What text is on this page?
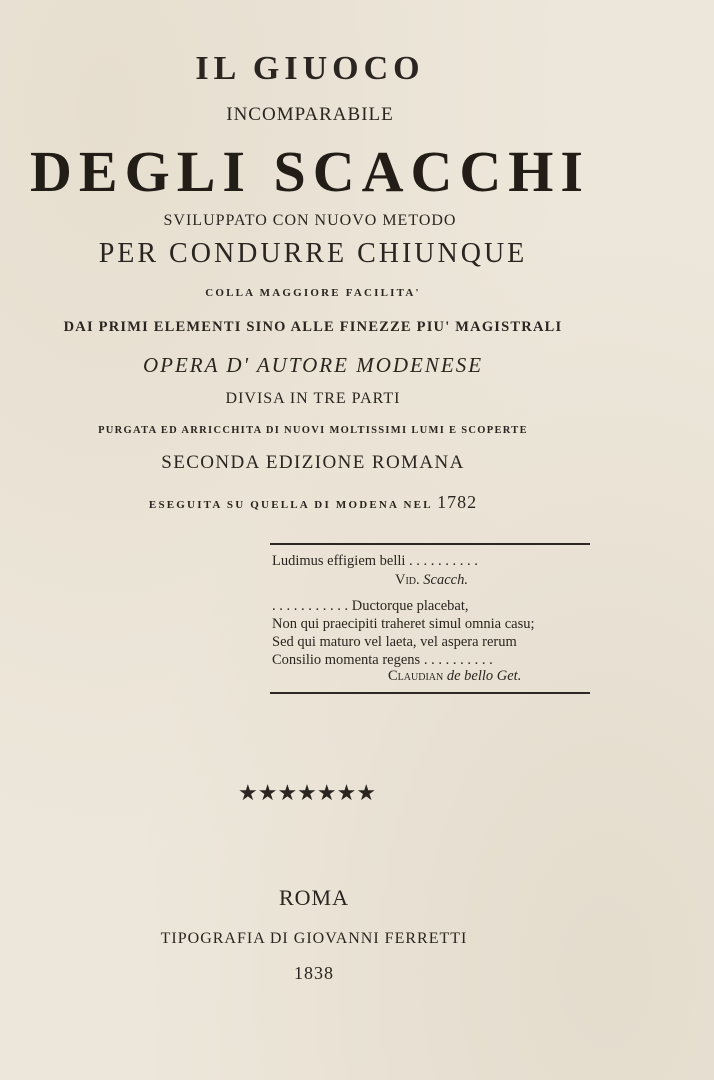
IL GIUOCO
INCOMPARABILE
DEGLI SCACCHI
SVILUPPATO CON NUOVO METODO
PER CONDURRE CHIUNQUE
COLLA MAGGIORE FACILITA'
DAI PRIMI ELEMENTI SINO ALLE FINEZZE PIU' MAGISTRALI
OPERA D' AUTORE MODENESE
DIVISA IN TRE PARTI
PURGATA ED ARRICCHITA DI NUOVI MOLTISSIMI LUMI E SCOPERTE
SECONDA EDIZIONE ROMANA
ESEGUITA SU QUELLA DI MODENA NEL 1782
Ludimus effigiem belli . . . . . . . . . .
Vid. Scacch.
. . . . . . . . . . . Ductorque placebat,
Non qui praecipiti traheret simul omnia casu;
Sed qui maturo vel laeta, vel aspera rerum
Consilio momenta regens . . . . . . . . . .
Claudian de bello Get.
★★★★★★★
ROMA
TIPOGRAFIA DI GIOVANNI FERRETTI
1838
